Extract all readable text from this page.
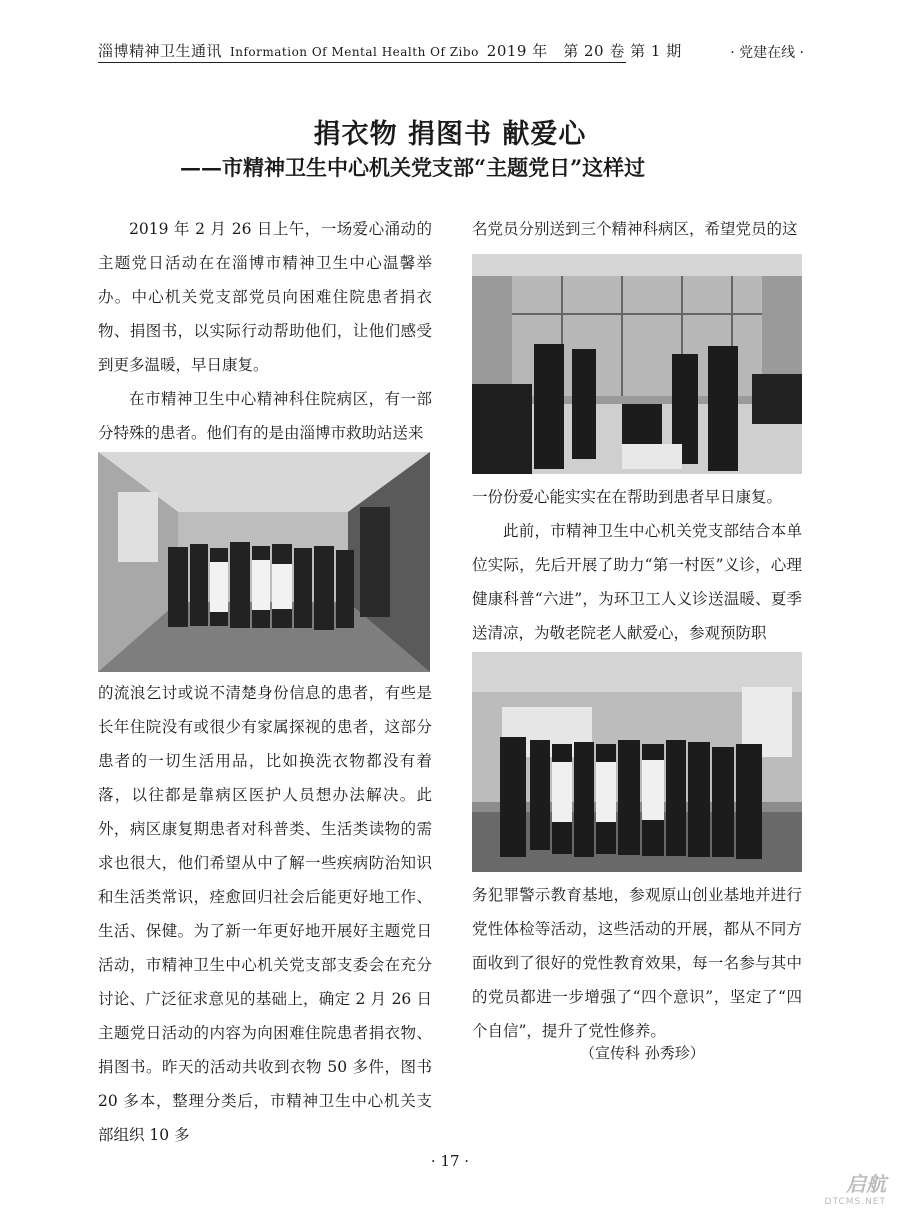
淄博精神卫生通讯 Information Of Mental Health Of Zibo 2019 年　第 20 卷 第 1 期	· 党建在线 ·
捐衣物 捐图书 献爱心
——市精神卫生中心机关党支部“主题党日”这样过

2019 年 2 月 26 日上午，一场爱心涌动的主题党日活动在在淄博市精神卫生中心温馨举办。中心机关党支部党员向困难住院患者捐衣物、捐图书，以实际行动帮助他们，让他们感受到更多温暖，早日康复。

在市精神卫生中心精神科住院病区，有一部分特殊的患者。他们有的是由淄博市救助站送来

的流浪乞讨或说不清楚身份信息的患者，有些是长年住院没有或很少有家属探视的患者，这部分患者的一切生活用品，比如换洗衣物都没有着落，以往都是靠病区医护人员想办法解决。此外，病区康复期患者对科普类、生活类读物的需求也很大，他们希望从中了解一些疾病防治知识和生活类常识，痊愈回归社会后能更好地工作、生活、保健。为了新一年更好地开展好主题党日活动，市精神卫生中心机关党支部支委会在充分讨论、广泛征求意见的基础上，确定 2 月 26 日主题党日活动的内容为向困难住院患者捐衣物、捐图书。昨天的活动共收到衣物 50 多件，图书 20 多本，整理分类后，市精神卫生中心机关支部组织 10 多

名党员分别送到三个精神科病区，希望党员的这

一份份爱心能实实在在帮助到患者早日康复。

此前，市精神卫生中心机关党支部结合本单位实际，先后开展了助力“第一村医”义诊，心理健康科普“六进”，为环卫工人义诊送温暖、夏季送清凉，为敬老院老人献爱心，参观预防职

务犯罪警示教育基地，参观原山创业基地并进行党性体检等活动，这些活动的开展，都从不同方面收到了很好的党性教育效果，每一名参与其中的党员都进一步增强了“四个意识”，坚定了“四个自信”，提升了党性修养。

（宣传科 孙秀珍）
· 17 ·
启航
DTCMS.NET
